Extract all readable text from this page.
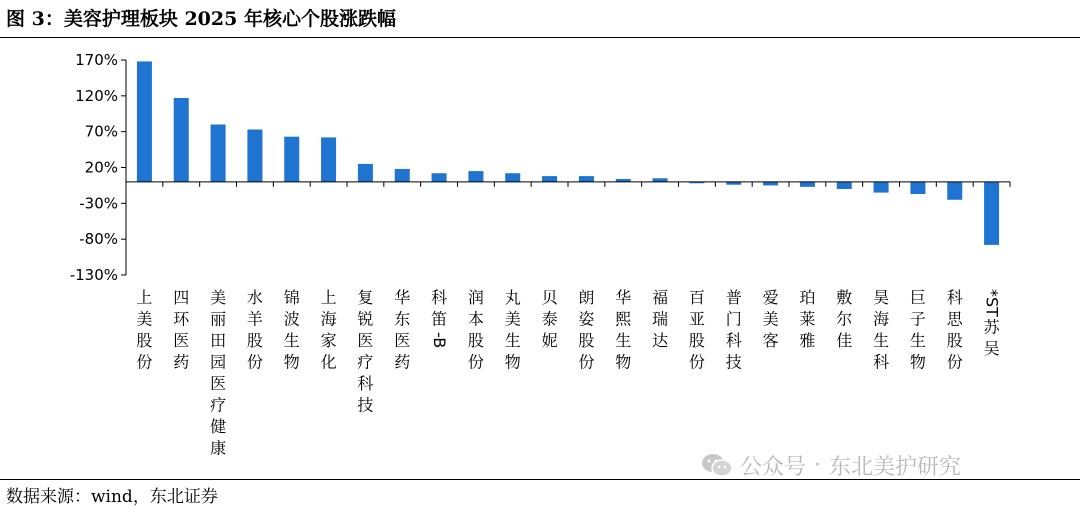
图 3：美容护理板块 2025 年核心个股涨跌幅
170%
120%
70%
20%
-30%
-80%
-130%
上
美
股
份
四
环
医
药
美
丽
田
园
医
疗
健
康
水
羊
股
份
锦
波
生
物
上
海
家
化
复
锐
医
疗
科
技
华
东
医
药
科
笛
-B
润
本
股
份
丸
美
生
物
贝
泰
妮
朗
姿
股
份
华
熙
生
物
福
瑞
达
百
亚
股
份
普
门
科
技
爱
美
客
珀
莱
雅
敷
尔
佳
昊
海
生
科
巨
子
生
物
科
思
股
份
*ST
苏
吴
公众号 · 东北美护研究
数据来源：wind，东北证券
